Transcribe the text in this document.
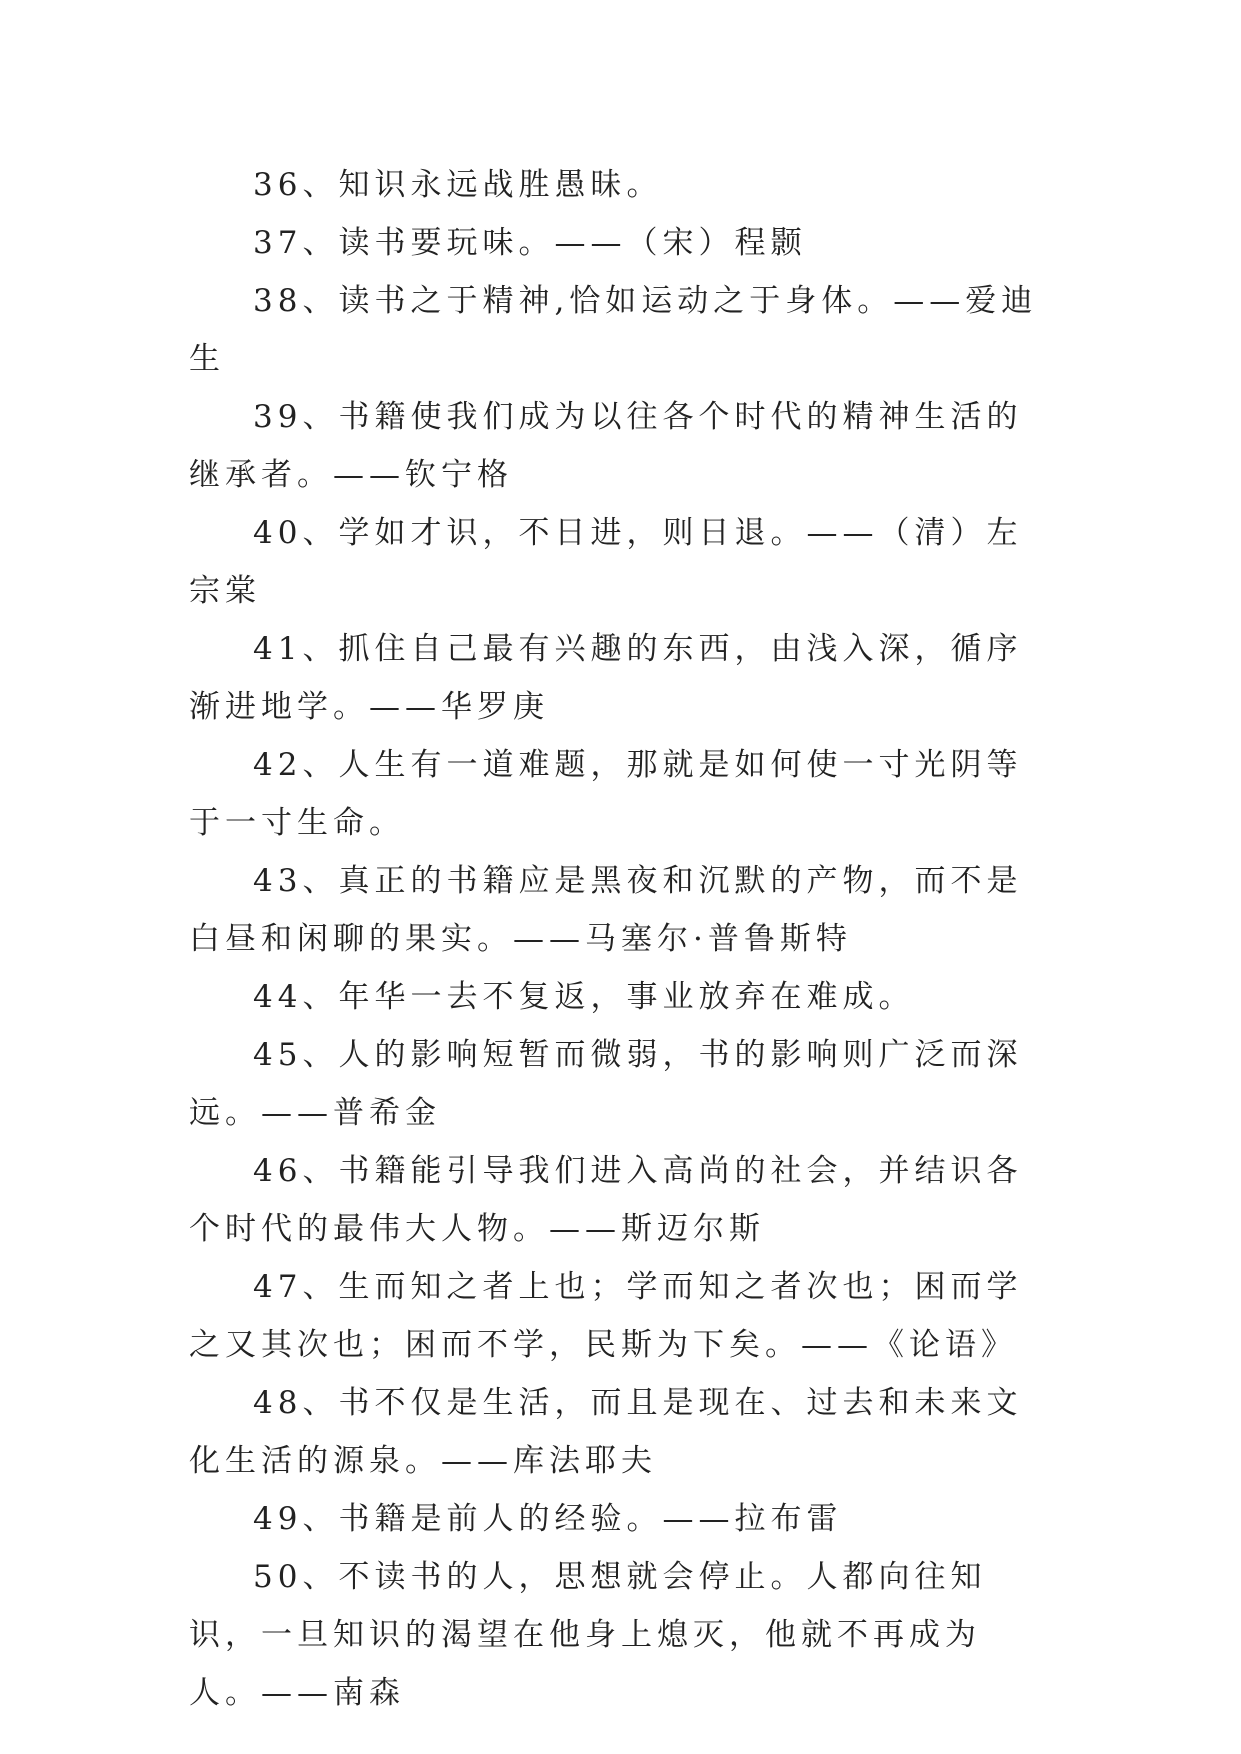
36、知识永远战胜愚昧。

37、读书要玩味。——（宋）程颢

38、读书之于精神,恰如运动之于身体。——爱迪生

39、书籍使我们成为以往各个时代的精神生活的继承者。——钦宁格

40、学如才识，不日进，则日退。——（清）左宗棠

41、抓住自己最有兴趣的东西，由浅入深，循序渐进地学。——华罗庚

42、人生有一道难题，那就是如何使一寸光阴等于一寸生命。

43、真正的书籍应是黑夜和沉默的产物，而不是白昼和闲聊的果实。——马塞尔·普鲁斯特

44、年华一去不复返，事业放弃在难成。

45、人的影响短暂而微弱，书的影响则广泛而深远。——普希金

46、书籍能引导我们进入高尚的社会，并结识各个时代的最伟大人物。——斯迈尔斯

47、生而知之者上也；学而知之者次也；困而学之又其次也；困而不学，民斯为下矣。——《论语》

48、书不仅是生活，而且是现在、过去和未来文化生活的源泉。——库法耶夫

49、书籍是前人的经验。——拉布雷

50、不读书的人，思想就会停止。人都向往知识，一旦知识的渴望在他身上熄灭，他就不再成为人。——南森
